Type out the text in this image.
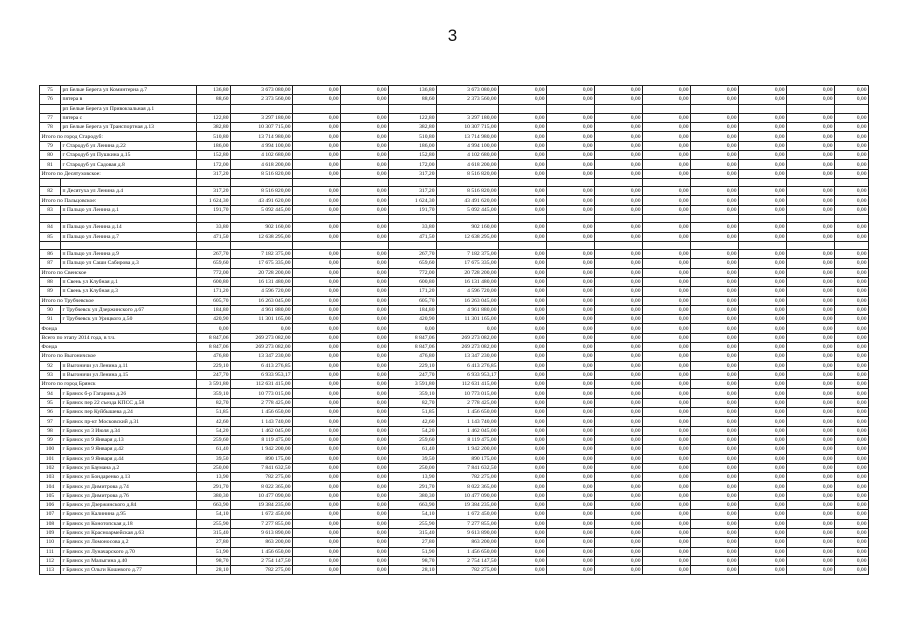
3
75	рп Белые Берега ул Коминтерна д.7	136,80	3 673 080,00	0,00	0,00	136,80	3 673 080,00	0,00	0,00	0,00	0,00	0,00	0,00	0,00	0,00
76	пятера в	88,60	2 373 560,00	0,00	0,00	88,60	2 373 560,00	0,00	0,00	0,00	0,00	0,00	0,00	0,00	0,00
	рп Белые Берега ул Привокзальная д.1														
77	пятера с	122,80	3 297 180,00	0,00	0,00	122,80	3 297 180,00	0,00	0,00	0,00	0,00	0,00	0,00	0,00	0,00
78	рп Белые Берега ул Транспортная д.13	382,80	10 307 715,00	0,00	0,00	382,80	10 307 715,00	0,00	0,00	0,00	0,00	0,00	0,00	0,00	0,00
Итого по город Стародуб:		510,80	13 714 980,00	0,00	0,00	510,80	13 714 980,00	0,00	0,00	0,00	0,00	0,00	0,00	0,00	0,00
79	г Стародуб ул Ленина д.22	186,00	4 994 100,00	0,00	0,00	186,00	4 994 100,00	0,00	0,00	0,00	0,00	0,00	0,00	0,00	0,00
80	г Стародуб ул Пушкина д.15	152,80	4 102 680,00	0,00	0,00	152,80	4 102 680,00	0,00	0,00	0,00	0,00	0,00	0,00	0,00	0,00
81	г Стародуб ул Садовая д.8	172,00	4 618 200,00	0,00	0,00	172,00	4 618 200,00	0,00	0,00	0,00	0,00	0,00	0,00	0,00	0,00
Итого по Десятуховское:		317,20	8 516 820,00	0,00	0,00	317,20	8 516 820,00	0,00	0,00	0,00	0,00	0,00	0,00	0,00	0,00

82	п Десятуха ул Ленина д.4	317,20	8 516 820,00	0,00	0,00	317,20	8 516 820,00	0,00	0,00	0,00	0,00	0,00	0,00	0,00	0,00
Итого по Пальцовское:		1 624,30	43 491 620,00	0,00	0,00	1 624,30	43 491 620,00	0,00	0,00	0,00	0,00	0,00	0,00	0,00	0,00
83	п Пальцо ул Ленина д.1	191,70	5 092 445,00	0,00	0,00	191,70	5 092 445,00	0,00	0,00	0,00	0,00	0,00	0,00	0,00	0,00

84	п Пальцо ул Ленина д.14	33,80	902 160,00	0,00	0,00	33,80	902 160,00	0,00	0,00	0,00	0,00	0,00	0,00	0,00	0,00
85	п Пальцо ул Ленина д.7	471,50	12 638 295,00	0,00	0,00	471,50	12 638 295,00	0,00	0,00	0,00	0,00	0,00	0,00	0,00	0,00

86	п Пальцо ул Ленина д.9	267,70	7 182 375,00	0,00	0,00	267,70	7 182 375,00	0,00	0,00	0,00	0,00	0,00	0,00	0,00	0,00
87	п Пальцо ул Саши Сабирова д.3	659,60	17 675 335,00	0,00	0,00	659,60	17 675 335,00	0,00	0,00	0,00	0,00	0,00	0,00	0,00	0,00
Итого по Свенское		772,00	20 728 200,00	0,00	0,00	772,00	20 728 200,00	0,00	0,00	0,00	0,00	0,00	0,00	0,00	0,00
88	п Свень ул Клубная д.1	600,80	16 131 480,00	0,00	0,00	600,80	16 131 480,00	0,00	0,00	0,00	0,00	0,00	0,00	0,00	0,00
89	п Свень ул Клубная д.3	171,20	4 596 720,00	0,00	0,00	171,20	4 596 720,00	0,00	0,00	0,00	0,00	0,00	0,00	0,00	0,00
Итого по Трубчевское		605,70	16 263 045,00	0,00	0,00	605,70	16 263 045,00	0,00	0,00	0,00	0,00	0,00	0,00	0,00	0,00
90	г Трубчевск ул Дзержинского д.67	184,80	4 961 880,00	0,00	0,00	184,80	4 961 880,00	0,00	0,00	0,00	0,00	0,00	0,00	0,00	0,00
91	г Трубчевск ул Урицкого д.50	420,90	11 301 165,00	0,00	0,00	420,90	11 301 165,00	0,00	0,00	0,00	0,00	0,00	0,00	0,00	0,00
Фонда		0,00	0,00	0,00	0,00	0,00	0,00	0,00	0,00	0,00	0,00	0,00	0,00	0,00	0,00
Всего по этапу 2014 года, в т.ч.		8 847,06	269 273 082,00	0,00	0,00	8 847,06	269 273 082,00	0,00	0,00	0,00	0,00	0,00	0,00	0,00	0,00
Фонда		8 847,06	269 273 082,00	0,00	0,00	8 847,06	269 273 082,00	0,00	0,00	0,00	0,00	0,00	0,00	0,00	0,00
Итого по Выгоничское		476,80	13 347 230,00	0,00	0,00	476,80	13 347 230,00	0,00	0,00	0,00	0,00	0,00	0,00	0,00	0,00
92	п Выгоничи ул Ленина д.11	229,10	6 413 276,85	0,00	0,00	229,10	6 413 276,85	0,00	0,00	0,00	0,00	0,00	0,00	0,00	0,00
93	п Выгоничи ул Ленина д.15	247,70	6 933 953,17	0,00	0,00	247,70	6 933 953,17	0,00	0,00	0,00	0,00	0,00	0,00	0,00	0,00
Итого по город Брянск		3 591,80	112 631 415,00	0,00	0,00	3 591,80	112 631 415,00	0,00	0,00	0,00	0,00	0,00	0,00	0,00	0,00
94	г Брянск б-р Гагарина д.26	359,10	10 773 015,00	0,00	0,00	359,10	10 773 015,00	0,00	0,00	0,00	0,00	0,00	0,00	0,00	0,00
95	г Брянск пер 22 съезда КПСС д.58	82,70	2 778 425,00	0,00	0,00	82,70	2 778 425,00	0,00	0,00	0,00	0,00	0,00	0,00	0,00	0,00
96	г Брянск пер Куйбышева д.24	51,85	1 456 650,00	0,00	0,00	51,85	1 456 650,00	0,00	0,00	0,00	0,00	0,00	0,00	0,00	0,00
97	г Брянск пр-кт Московский д.31	42,60	1 143 740,00	0,00	0,00	42,60	1 143 740,00	0,00	0,00	0,00	0,00	0,00	0,00	0,00	0,00
98	г Брянск ул 3 Июля д.34	54,20	1 462 045,00	0,00	0,00	54,20	1 462 045,00	0,00	0,00	0,00	0,00	0,00	0,00	0,00	0,00
99	г Брянск ул 9 Января д.13	259,60	8 119 475,00	0,00	0,00	259,60	8 119 475,00	0,00	0,00	0,00	0,00	0,00	0,00	0,00	0,00
100	г Брянск ул 9 Января д.42	61,40	1 942 200,00	0,00	0,00	61,40	1 942 200,00	0,00	0,00	0,00	0,00	0,00	0,00	0,00	0,00
101	г Брянск ул 9 Января д.44	39,50	890 175,00	0,00	0,00	39,50	890 175,00	0,00	0,00	0,00	0,00	0,00	0,00	0,00	0,00
102	г Брянск ул Баумана д.2	250,00	7 841 632,50	0,00	0,00	250,00	7 841 632,50	0,00	0,00	0,00	0,00	0,00	0,00	0,00	0,00
103	г Брянск ул Бондаренко д.13	13,90	782 275,00	0,00	0,00	13,90	782 275,00	0,00	0,00	0,00	0,00	0,00	0,00	0,00	0,00
104	г Брянск ул Димитрова д.74	291,70	8 022 365,00	0,00	0,00	291,70	8 022 365,00	0,00	0,00	0,00	0,00	0,00	0,00	0,00	0,00
105	г Брянск ул Димитрова д.76	380,30	10 477 090,00	0,00	0,00	380,30	10 477 090,00	0,00	0,00	0,00	0,00	0,00	0,00	0,00	0,00
106	г Брянск ул Дзержинского д.84	663,90	19 384 235,00	0,00	0,00	663,90	19 384 235,00	0,00	0,00	0,00	0,00	0,00	0,00	0,00	0,00
107	г Брянск ул Калинина д.95	54,10	1 672 450,00	0,00	0,00	54,10	1 672 450,00	0,00	0,00	0,00	0,00	0,00	0,00	0,00	0,00
108	г Брянск ул Конотопская д.18	255,90	7 277 855,00	0,00	0,00	255,90	7 277 855,00	0,00	0,00	0,00	0,00	0,00	0,00	0,00	0,00
109	г Брянск ул Красноармейская д.63	315,40	9 613 890,00	0,00	0,00	315,40	9 613 890,00	0,00	0,00	0,00	0,00	0,00	0,00	0,00	0,00
110	г Брянск ул Ломоносова д.2	27,80	863 200,00	0,00	0,00	27,80	863 200,00	0,00	0,00	0,00	0,00	0,00	0,00	0,00	0,00
111	г Брянск ул Луначарского д.70	51,90	1 456 650,00	0,00	0,00	51,90	1 456 650,00	0,00	0,00	0,00	0,00	0,00	0,00	0,00	0,00
112	г Брянск ул Малыгина д.40	98,70	2 754 147,50	0,00	0,00	98,70	2 754 147,50	0,00	0,00	0,00	0,00	0,00	0,00	0,00	0,00
113	г Брянск ул Ольги Кошевого д.77	28,10	782 275,00	0,00	0,00	28,10	782 275,00	0,00	0,00	0,00	0,00	0,00	0,00	0,00	0,00
